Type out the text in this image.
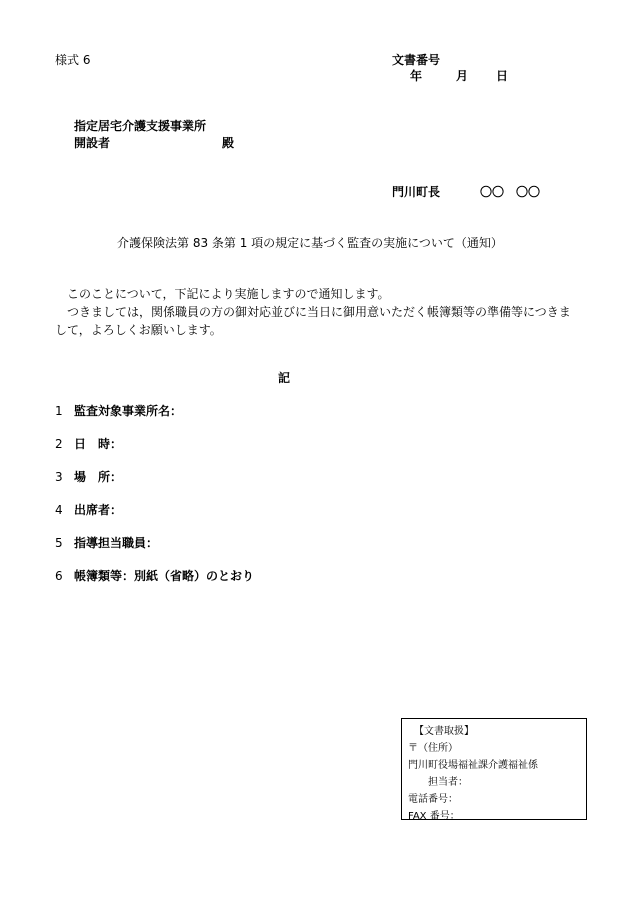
様式 6	文書番号
年	月 日
指定居宅介護支援事業所
開設者	殿
門川町長	〇〇　〇〇
介護保険法第 83 条第 1 項の規定に基づく監査の実施について（通知）

このことについて，下記により実施しますので通知します。

つきましては，関係職員の方の御対応並びに当日に御用意いただく帳簿類等の準備等につきまして，よろしくお願いします。

記
1 監査対象事業所名：
2 日　時：
3 場　所：
4 出席者：
5 指導担当職員：
6 帳簿類等：別紙（省略）のとおり
【文書取扱】
〒（住所）
門川町役場福祉課介護福祉係
担当者：
電話番号：
FAX 番号：
